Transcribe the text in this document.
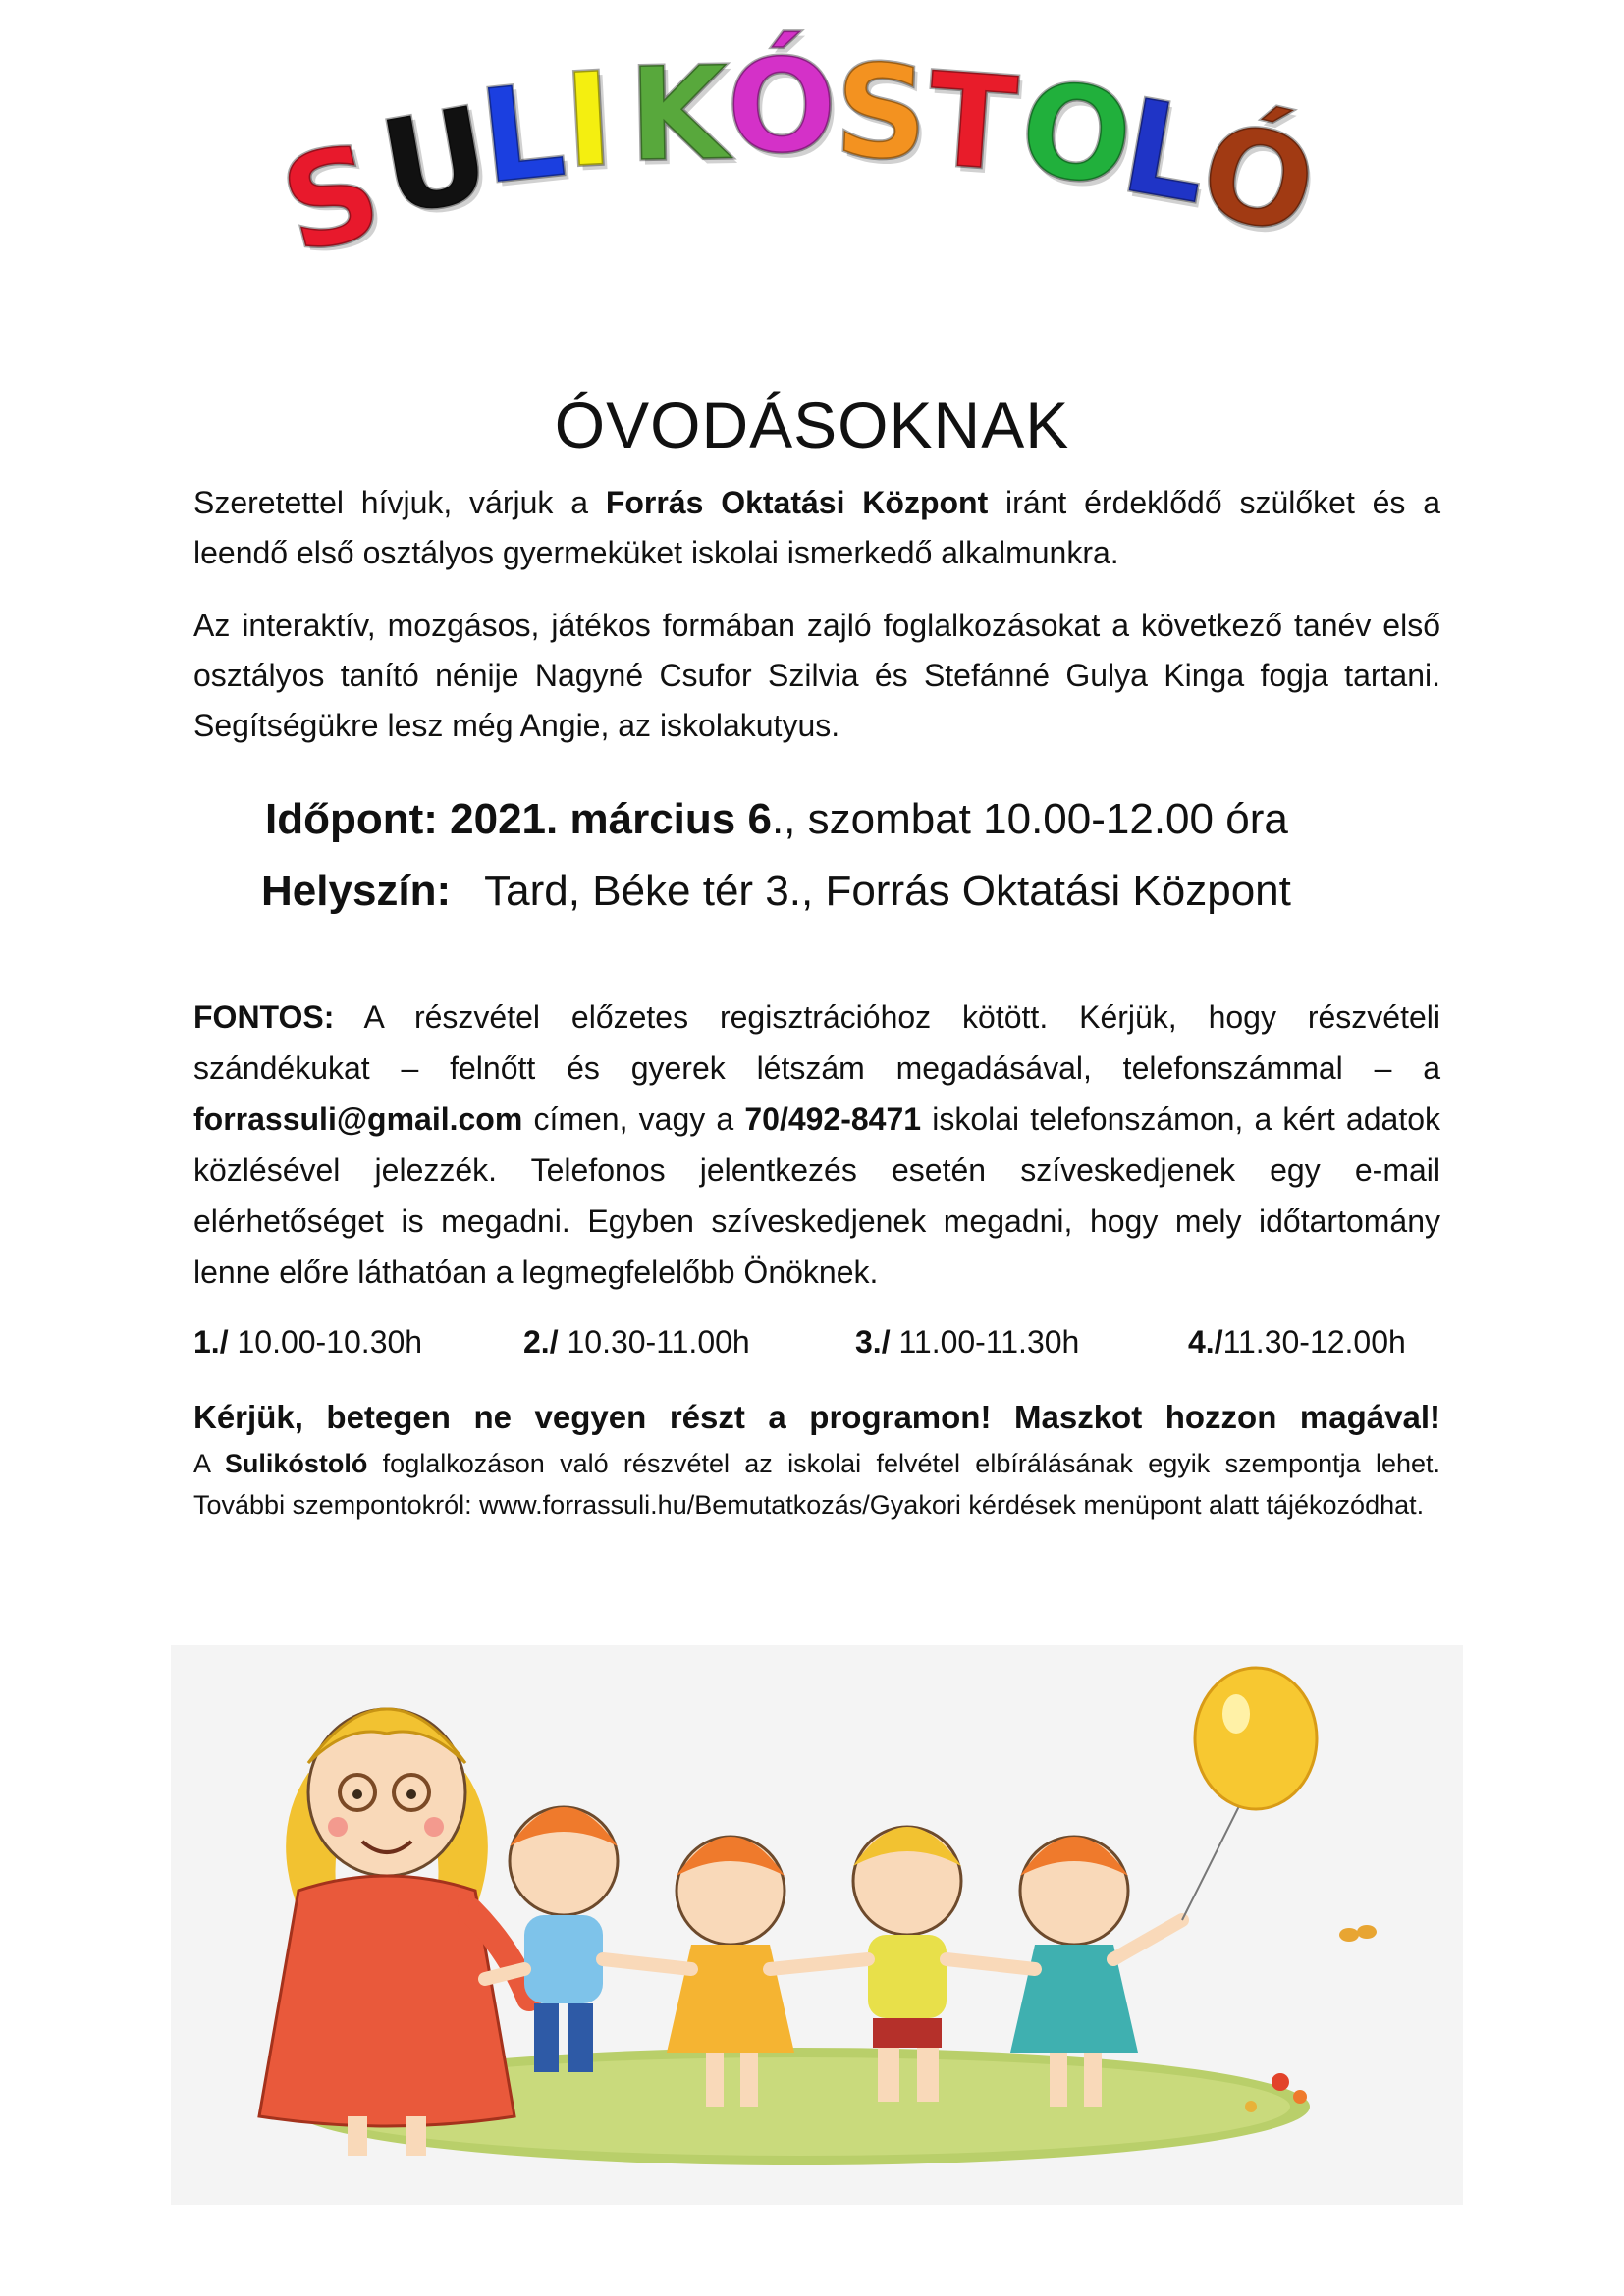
S
U
L
I K
Ó
S
T
O
L
Ó
ÓVODÁSOKNAK

Szeretettel hívjuk, várjuk a Forrás Oktatási Központ iránt érdeklődő szülőket és a leendő első osztályos gyermeküket iskolai ismerkedő alkalmunkra.

Az interaktív, mozgásos, játékos formában zajló foglalkozásokat a következő tanév első osztályos tanító nénije Nagyné Csufor Szilvia és Stefánné Gulya Kinga fogja tartani. Segítségükre lesz még Angie, az iskolakutyus.

Időpont: 2021. március 6., szombat 10.00-12.00 óra
Helyszín: Tard, Béke tér 3., Forrás Oktatási Központ

FONTOS: A részvétel előzetes regisztrációhoz kötött. Kérjük, hogy részvételi szándékukat – felnőtt és gyerek létszám megadásával, telefonszámmal – a forrassuli@gmail.com címen, vagy a 70/492-8471 iskolai telefonszámon, a kért adatok közlésével jelezzék. Telefonos jelentkezés esetén szíveskedjenek egy e-mail elérhetőséget is megadni. Egyben szíveskedjenek megadni, hogy mely időtartomány lenne előre láthatóan a legmegfelelőbb Önöknek.

1./ 10.00-10.30h	2./ 10.30-11.00h	3./ 11.00-11.30h	4./11.30-12.00h
Kérjük, betegen ne vegyen részt a programon! Maszkot hozzon magával!

A Sulikóstoló foglalkozáson való részvétel az iskolai felvétel elbírálásának egyik szempontja lehet. További szempontokról: www.forrassuli.hu/Bemutatkozás/Gyakori kérdések menüpont alatt tájékozódhat.
